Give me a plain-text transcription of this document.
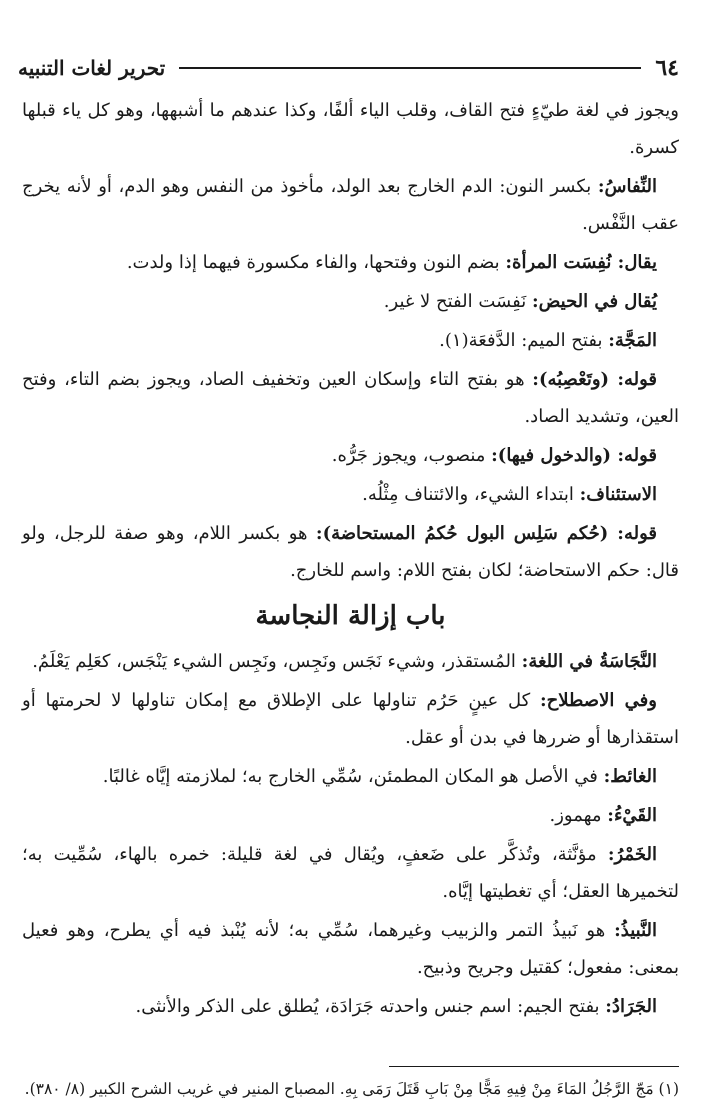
٦٤
تحرير لغات التنبيه

ويجوز في لغة طيّءٍ فتح القاف، وقلب الياء ألفًا، وكذا عندهم ما أشبهها، وهو كل ياء قبلها كسرة.

النِّفاسُ: بكسر النون: الدم الخارج بعد الولد، مأخوذ من النفس وهو الدم، أو لأنه يخرج عقب النَّفْس.

يقال: نُفِسَت المرأة: بضم النون وفتحها، والفاء مكسورة فيهما إذا ولدت.

يُقال في الحيض: نَفِسَت الفتح لا غير.

المَجَّة: بفتح الميم: الدَّفعَة(١).

قوله: (وتَعْصِبُه): هو بفتح التاء وإسكان العين وتخفيف الصاد، ويجوز بضم التاء، وفتح العين، وتشديد الصاد.

قوله: (والدخول فيها): منصوب، ويجوز جَرُّه.

الاستئناف: ابتداء الشيء، والائتناف مِثْلُه.

قوله: (حُكم سَلِس البول حُكمُ المستحاضة): هو بكسر اللام، وهو صفة للرجل، ولو قال: حكم الاستحاضة؛ لكان بفتح اللام: واسم للخارج.

باب إزالة النجاسة

النَّجَاسَةُ في اللغة: المُستقذر، وشيء نَجَس ونَجِس، ونَجِس الشيء يَنْجَس، كعَلِم يَعْلَمُ.

وفي الاصطلاح: كل عينٍ حَرُم تناولها على الإطلاق مع إمكان تناولها لا لحرمتها أو استقذارها أو ضررها في بدن أو عقل.

الغائط: في الأصل هو المكان المطمئن، سُمِّي الخارج به؛ لملازمته إيَّاه غالبًا.

القَيْءُ: مهموز.

الخَمْرُ: مؤنَّثة، وتُذكَّر على ضَعفٍ، ويُقال في لغة قليلة: خمره بالهاء، سُمِّيت به؛ لتخميرها العقل؛ أي تغطيتها إيَّاه.

النَّبيذُ: هو نَبيذُ التمر والزبيب وغيرهما، سُمِّي به؛ لأنه يُنْبذ فيه أي يطرح، وهو فعيل بمعنى: مفعول؛ كقتيل وجريح وذبيح.

الجَرَادُ: بفتح الجيم: اسم جنس واحدته جَرَادَة، يُطلق على الذكر والأنثى.

(١) مَجّ الرَّجُلُ المَاءَ مِنْ فِيهِ مَجًّا مِنْ بَابِ قَتَلَ رَمَى بِهِ. المصباح المنير في غريب الشرح الكبير (٨/ ٣٨٠).
